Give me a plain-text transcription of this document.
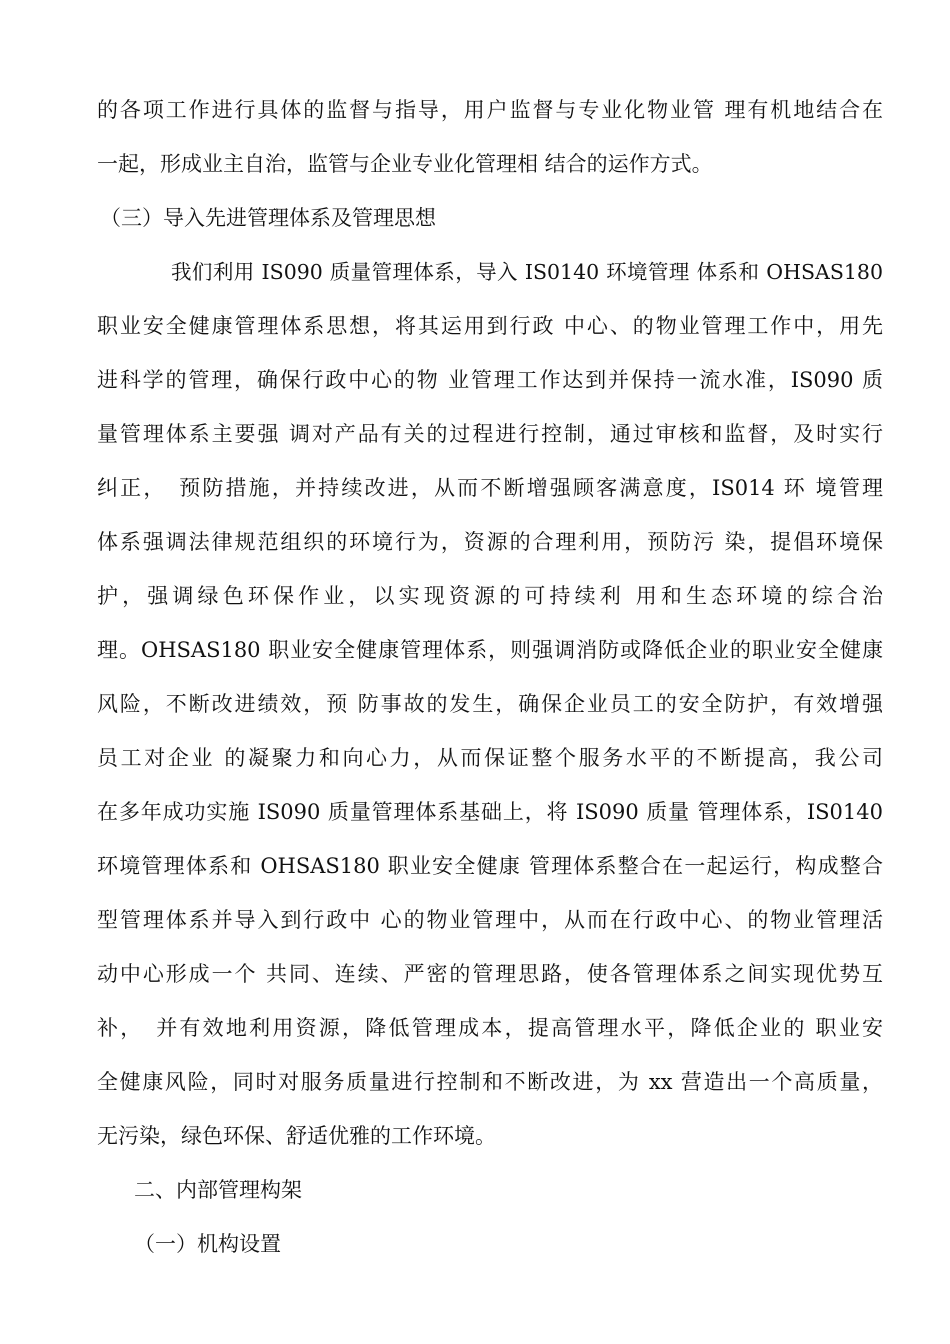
的各项工作进行具体的监督与指导，用户监督与专业化物业管 理有机地结合在

一起，形成业主自治，监管与企业专业化管理相 结合的运作方式。

（三）导入先进管理体系及管理思想

我们利用 IS090 质量管理体系，导入 IS0140 环境管理 体系和 OHSAS180

职业安全健康管理体系思想，将其运用到行政 中心、的物业管理工作中，用先

进科学的管理，确保行政中心的物 业管理工作达到并保持一流水准，IS090 质

量管理体系主要强 调对产品有关的过程进行控制，通过审核和监督，及时实行

纠正，　预防措施，并持续改进，从而不断增强顾客满意度，IS014 环 境管理

体系强调法律规范组织的环境行为，资源的合理利用，预防污 染，提倡环境保

护，强调绿色环保作业，以实现资源的可持续利 用和生态环境的综合治

理。OHSAS180 职业安全健康管理体系，则强调消防或降低企业的职业安全健康

风险，不断改进绩效，预 防事故的发生，确保企业员工的安全防护，有效增强

员工对企业 的凝聚力和向心力，从而保证整个服务水平的不断提高，我公司

在多年成功实施 IS090 质量管理体系基础上，将 IS090 质量 管理体系，IS0140

环境管理体系和 OHSAS180 职业安全健康 管理体系整合在一起运行，构成整合

型管理体系并导入到行政中 心的物业管理中，从而在行政中心、的物业管理活

动中心形成一个 共同、连续、严密的管理思路，使各管理体系之间实现优势互

补，　并有效地利用资源，降低管理成本，提高管理水平，降低企业的 职业安

全健康风险，同时对服务质量进行控制和不断改进，为 xx 营造出一个高质量，

无污染，绿色环保、舒适优雅的工作环境。

二、内部管理构架

（一）机构设置
